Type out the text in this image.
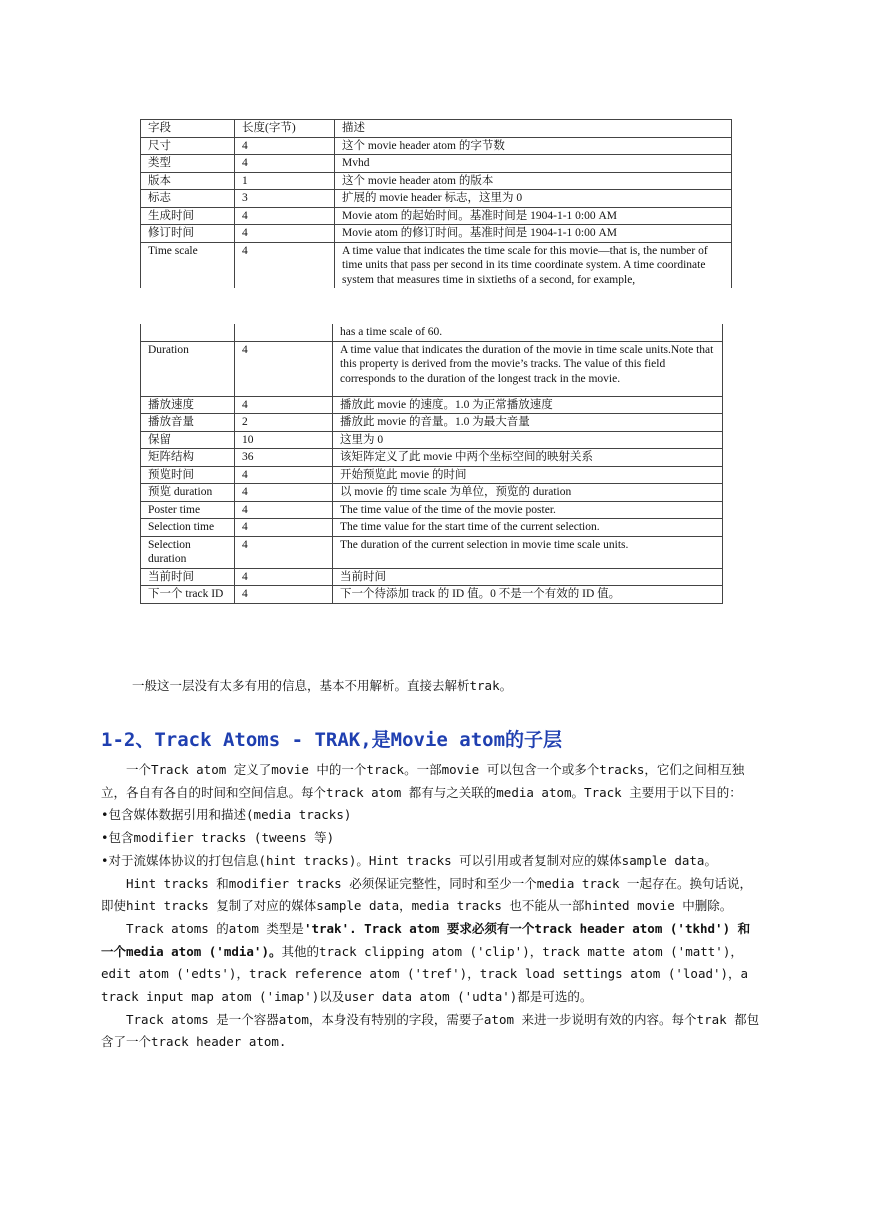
字段	长度(字节)	描述
尺寸	4	这个 movie header atom 的字节数
类型	4	Mvhd
版本	1	这个 movie header atom 的版本
标志	3	扩展的 movie header 标志，这里为 0
生成时间	4	Movie atom 的起始时间。基准时间是 1904-1-1 0:00 AM
修订时间	4	Movie atom 的修订时间。基准时间是 1904-1-1 0:00 AM
Time scale	4	A time value that indicates the time scale for this movie—that is, the number of time units that pass per second in its time coordinate system. A time coordinate system that measures time in sixtieths of a second, for example,
		has a time scale of 60.
Duration	4	A time value that indicates the duration of the movie in time scale units.Note that this property is derived from the movie’s tracks. The value of this field corresponds to the duration of the longest track in the movie.
播放速度	4	播放此 movie 的速度。1.0 为正常播放速度
播放音量	2	播放此 movie 的音量。1.0 为最大音量
保留	10	这里为 0
矩阵结构	36	该矩阵定义了此 movie 中两个坐标空间的映射关系
预览时间	4	开始预览此 movie 的时间
预览 duration	4	以 movie 的 time scale 为单位，预览的 duration
Poster time	4	The time value of the time of the movie poster.
Selection time	4	The time value for the start time of the current selection.
Selection duration	4	The duration of the current selection in movie time scale units.
当前时间	4	当前时间
下一个 track ID	4	下一个待添加 track 的 ID 值。0 不是一个有效的 ID 值。
一般这一层没有太多有用的信息，基本不用解析。直接去解析trak。
1-2、Track Atoms - TRAK,是Movie atom的子层
一个Track atom 定义了movie 中的一个track。一部movie 可以包含一个或多个tracks，它们之间相互独立，各自有各自的时间和空间信息。每个track atom 都有与之关联的media atom。Track 主要用于以下目的：
•包含媒体数据引用和描述(media tracks)
•包含modifier tracks (tweens 等)
•对于流媒体协议的打包信息(hint tracks)。Hint tracks 可以引用或者复制对应的媒体sample data。
Hint tracks 和modifier tracks 必须保证完整性，同时和至少一个media track 一起存在。换句话说，即使hint tracks 复制了对应的媒体sample data，media tracks 也不能从一部hinted movie 中删除。
Track atoms 的atom 类型是'trak'. Track atom 要求必须有一个track header atom ('tkhd') 和一个media atom ('mdia')。其他的track clipping atom ('clip')，track matte atom ('matt')，edit atom ('edts')，track reference atom ('tref')，track load settings atom ('load')，a track input map atom ('imap')以及user data atom ('udta')都是可选的。
Track atoms 是一个容器atom，本身没有特别的字段，需要子atom 来进一步说明有效的内容。每个trak 都包含了一个track header atom.
